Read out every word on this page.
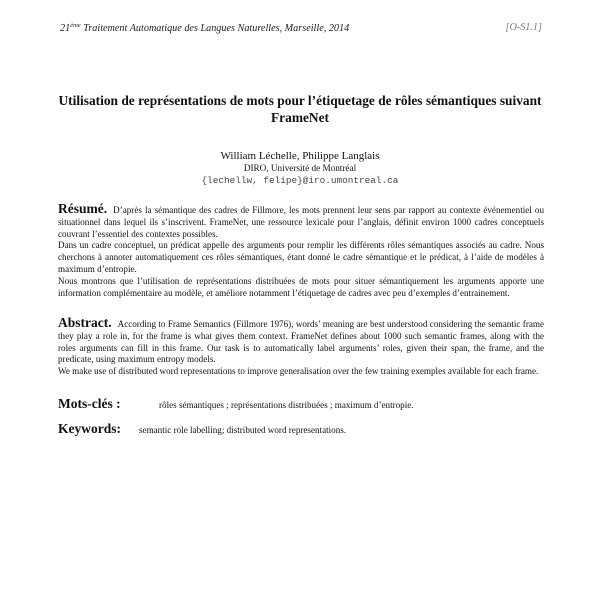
21ème Traitement Automatique des Langues Naturelles, Marseille, 2014	[O-S1.1]
Utilisation de représentations de mots pour l’étiquetage de rôles sémantiques suivant FrameNet
William Léchelle, Philippe Langlais
DIRO, Université de Montréal
{lechellw, felipe}@iro.umontreal.ca

Résumé. D’après la sémantique des cadres de Fillmore, les mots prennent leur sens par rapport au contexte événementiel ou situationnel dans lequel ils s’inscrivent. FrameNet, une ressource lexicale pour l’anglais, définit environ 1000 cadres conceptuels couvrant l’essentiel des contextes possibles.

Dans un cadre conceptuel, un prédicat appelle des arguments pour remplir les différents rôles sémantiques associés au cadre. Nous cherchons à annoter automatiquement ces rôles sémantiques, étant donné le cadre sémantique et le prédicat, à l’aide de modèles à maximum d’entropie.

Nous montrons que l’utilisation de représentations distribuées de mots pour situer sémantiquement les arguments apporte une information complémentaire au modèle, et améliore notamment l’étiquetage de cadres avec peu d’exemples d’entrainement.

Abstract. According to Frame Semantics (Fillmore 1976), words’ meaning are best understood considering the semantic frame they play a role in, for the frame is what gives them context. FrameNet defines about 1000 such semantic frames, along with the roles arguments can fill in this frame. Our task is to automatically label arguments’ roles, given their span, the frame, and the predicate, using maximum entropy models.

We make use of distributed word representations to improve generalisation over the few training exemples available for each frame.

Mots-clés :	rôles sémantiques ; représentations distribuées ; maximum d’entropie.
Keywords: semantic role labelling; distributed word representations.
